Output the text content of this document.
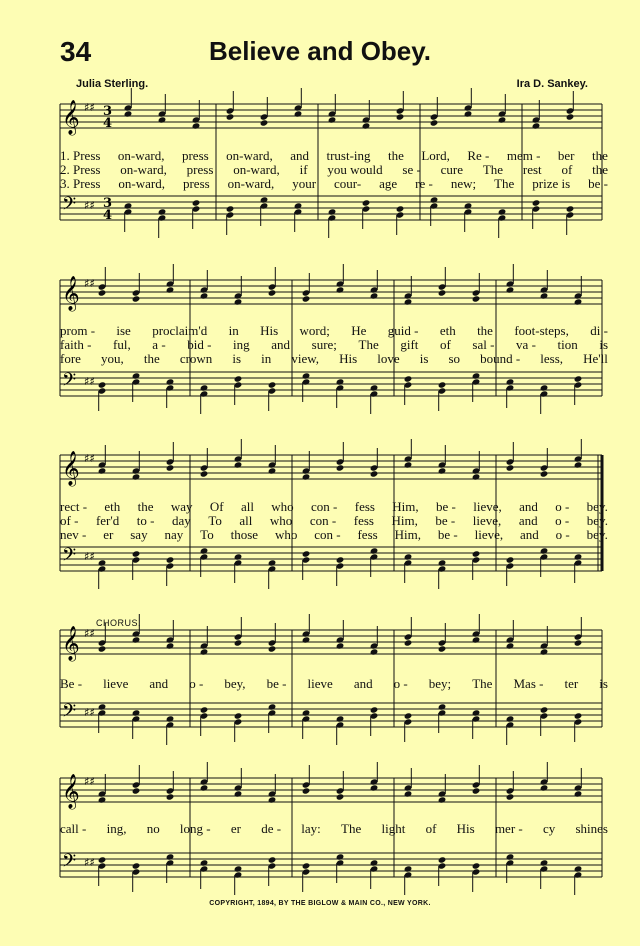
34	Believe and Obey.
Julia Sterling.	Ira D. Sankey.
𝄞 ♯♯ 3
4
𝄢 ♯♯ 3
4
𝄞 ♯♯
𝄢 ♯♯
𝄞 ♯♯
𝄢 ♯♯
𝄞 ♯♯
𝄢 ♯♯
𝄞 ♯♯
𝄢 ♯♯
CHORUS.
1. Press on-ward, press on-ward, and trust-ing the Lord, Re - mem - ber the
2. Press on-ward, press on-ward, if you would se - cure The rest of the
3. Press on-ward, press on-ward, your cour- age re - new; The prize is be -
prom - ise proclaim'd in His word; He guid - eth the foot-steps, di -
faith - ful, a - bid - ing and sure; The gift of sal - va - tion is
fore you, the crown is in view, His love is so bound - less, He'll
rect - eth the way Of all who con - fess Him, be - lieve, and o - bey.
of - fer'd to - day To all who con - fess Him, be - lieve, and o - bey.
nev - er say nay To those who con - fess Him, be - lieve, and o - bey.
Be - lieve and o - bey, be - lieve and o - bey; The Mas - ter is
call - ing, no long - er de - lay: The light of His mer - cy shines
COPYRIGHT, 1894, BY THE BIGLOW & MAIN CO., NEW YORK.
